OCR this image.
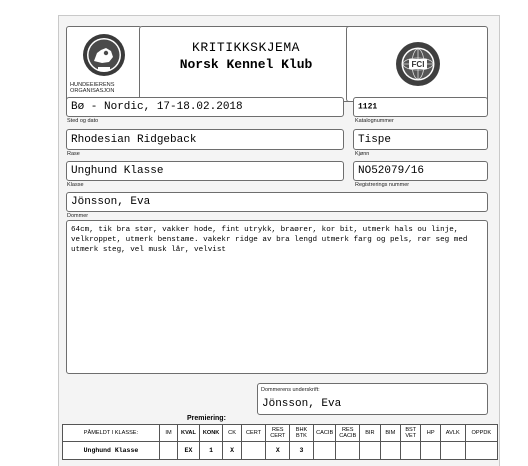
HUNDEEIERENS ORGANISASJON
KRITIKKSKJEMA
Norsk Kennel Klub	FCI
Bø - Nordic, 17-18.02.2018
Sted og dato
1121
Katalognummer
Rhodesian Ridgeback
Rase
Tispe
Kjønn
Unghund Klasse
Klasse
NO52079/16
Registrerings nummer
Jönsson, Eva
Dommer
64cm, tik bra stør, vakker hode, fint utrykk, braører, kor bit, utmerk hals ou linje, velkroppet, utmerk benstame. vakekr ridge av bra lengd utmerk farg og pels, rør seg med utmerk steg, vel musk lår, velvist
Dommerens underskrift:
Jönsson, Eva
Premiering:
PÅMELDT I KLASSE:	IM	KVAL	KONK	CK	CERT	RES CERT	BHK BTK	CACIB	RES CACIB	BIR	BIM	BST VET	HP	AVLK	OPPDK
Unghund Klasse		EX	1	X		X	3								
